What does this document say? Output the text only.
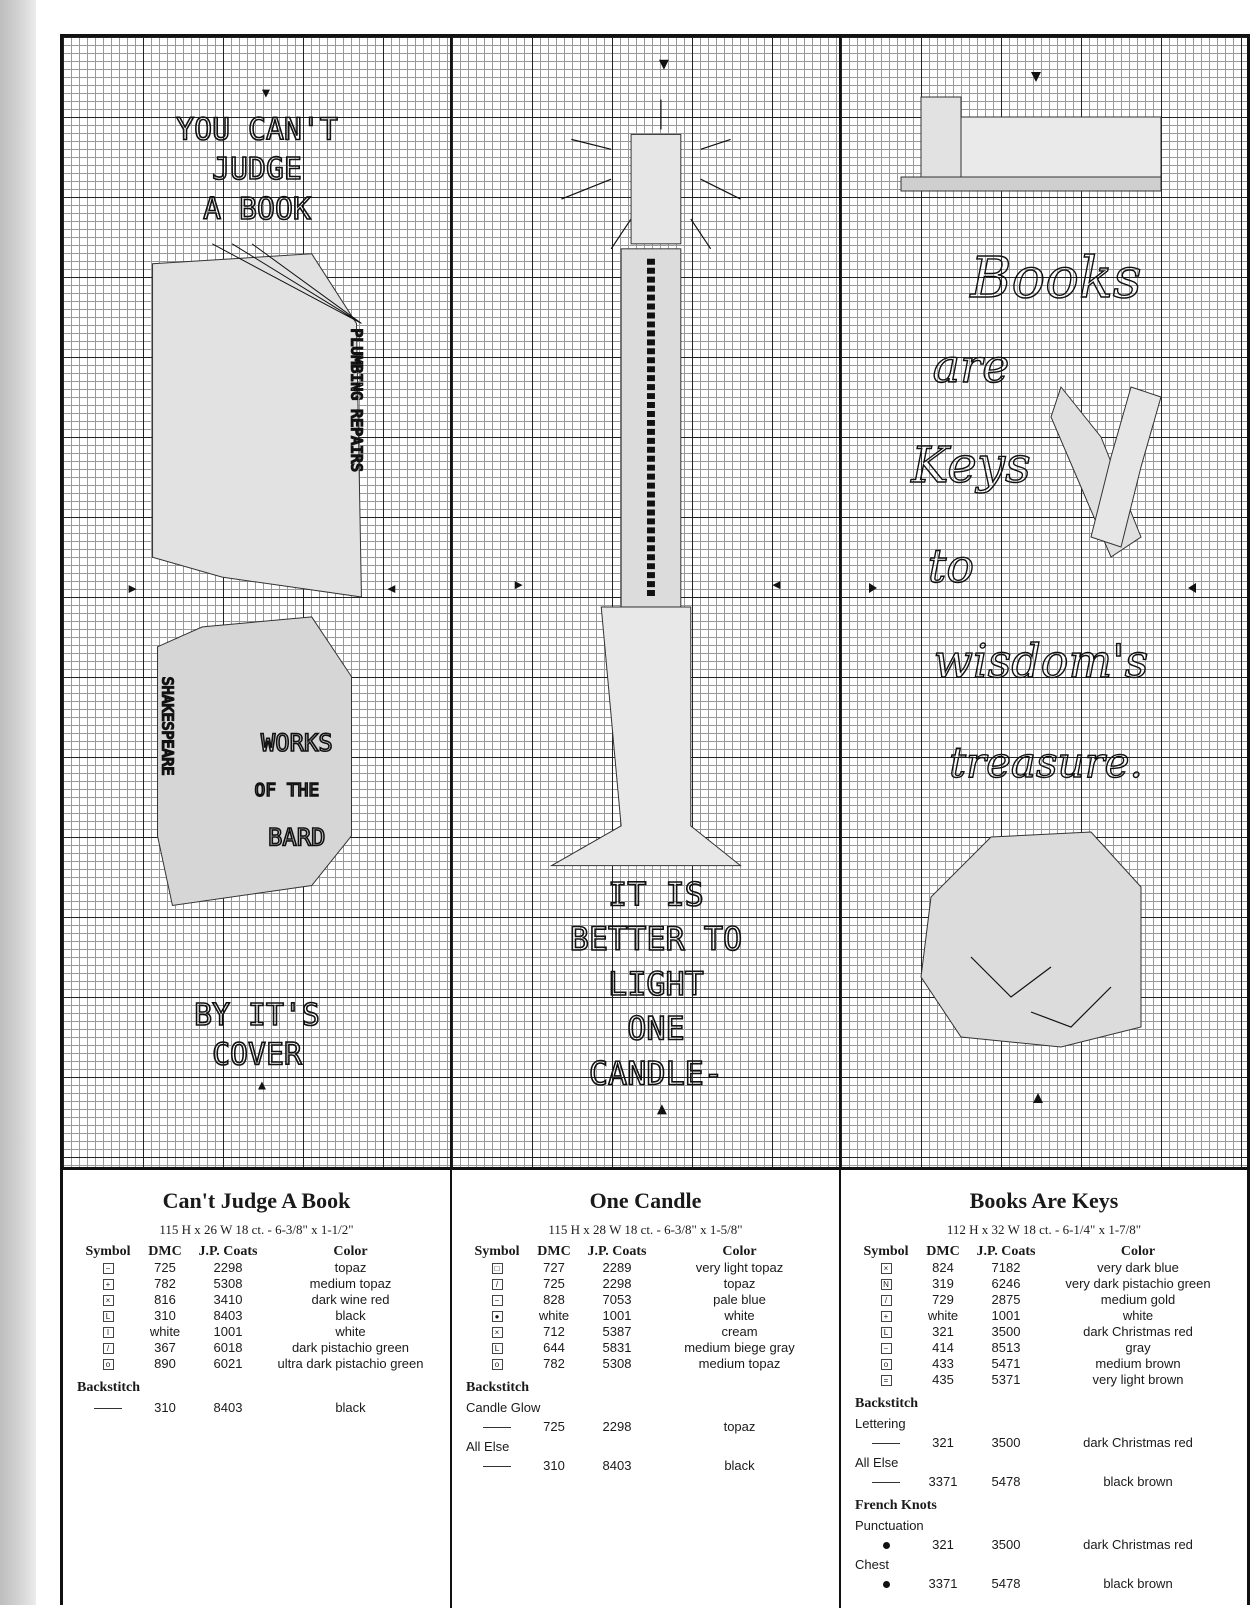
YOU CAN'T
JUDGE
A BOOK
PLUMBING REPAIRS
SHAKESPEARE	WORKS
OF THE
BARD
BY IT'S
COVER
IT IS
BETTER TO
LIGHT
ONE
CANDLE-
Books
are
Keys
to
wisdom's
treasure.
Can't Judge A Book
115 H x 26 W 18 ct. - 6-3/8" x 1-1/2"
Symbol	DMC	J.P. Coats	Color
−	725	2298	topaz
+	782	5308	medium topaz
×	816	3410	dark wine red
L	310	8403	black
I	white	1001	white
/	367	6018	dark pistachio green
o	890	6021	ultra dark pistachio green
Backstitch
310	8403	black
One Candle
115 H x 28 W 18 ct. - 6-3/8" x 1-5/8"
Symbol	DMC	J.P. Coats	Color
□	727	2289	very light topaz
/	725	2298	topaz
−	828	7053	pale blue
●	white	1001	white
×	712	5387	cream
L	644	5831	medium biege gray
o	782	5308	medium topaz
Backstitch
Candle Glow
725	2298	topaz
All Else
310	8403	black
Books Are Keys
112 H x 32 W 18 ct. - 6-1/4" x 1-7/8"
Symbol	DMC	J.P. Coats	Color
×	824	7182	very dark blue
N	319	6246	very dark pistachio green
/	729	2875	medium gold
+	white	1001	white
L	321	3500	dark Christmas red
−	414	8513	gray
o	433	5471	medium brown
=	435	5371	very light brown
Backstitch
Lettering
321	3500	dark Christmas red
All Else
3371	5478	black brown
French Knots
Punctuation
321	3500	dark Christmas red
Chest
3371	5478	black brown
